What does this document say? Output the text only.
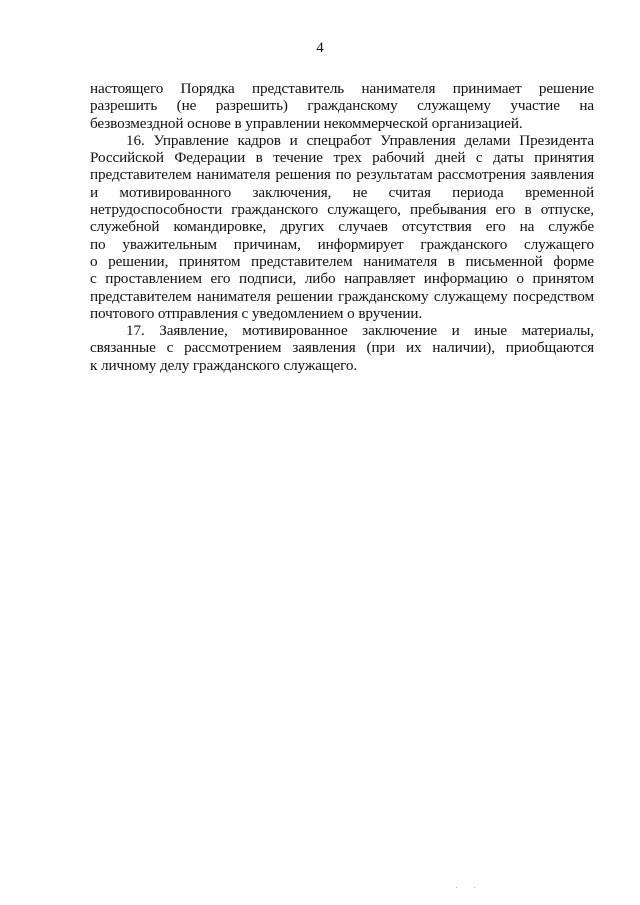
4

настоящего Порядка представитель нанимателя принимает решение
разрешить (не разрешить) гражданскому служащему участие на
безвозмездной основе в управлении некоммерческой организацией.

16. Управление кадров и спецработ Управления делами Президента
Российской Федерации в течение трех рабочий дней с даты принятия
представителем нанимателя решения по результатам рассмотрения заявления
и мотивированного заключения, не считая периода временной
нетрудоспособности гражданского служащего, пребывания его в отпуске,
служебной командировке, других случаев отсутствия его на службе
по уважительным причинам, информирует гражданского служащего
о решении, принятом представителем нанимателя в письменной форме
с проставлением его подписи, либо направляет информацию о принятом
представителем нанимателя решении гражданскому служащему посредством
почтового отправления с уведомлением о вручении.

17. Заявление, мотивированное заключение и иные материалы,
связанные с рассмотрением заявления (при их наличии), приобщаются
к личному делу гражданского служащего.

· ·
